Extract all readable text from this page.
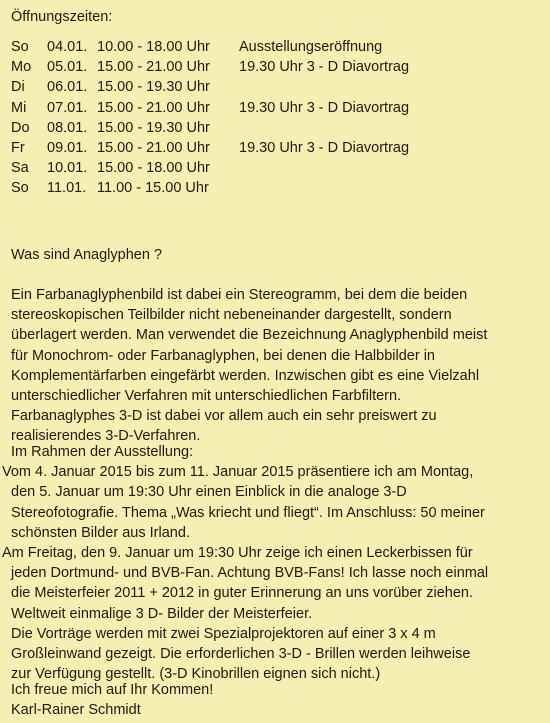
Öffnungszeiten:
So	04.01.	10.00 - 18.00 Uhr	Ausstellungseröffnung
Mo	05.01.	15.00 - 21.00 Uhr	19.30 Uhr 3 - D Diavortrag
Di	06.01.	15.00 - 19.30 Uhr	
Mi	07.01.	15.00 - 21.00 Uhr	19.30 Uhr 3 - D Diavortrag
Do	08.01.	15.00 - 19.30 Uhr	
Fr	09.01.	15.00 - 21.00 Uhr	19.30 Uhr 3 - D Diavortrag
Sa	10.01.	15.00 - 18.00 Uhr	
So	11.01.	11.00 - 15.00 Uhr	
Was sind Anaglyphen ?
Ein Farbanaglyphenbild ist dabei ein Stereogramm, bei dem die beiden
stereoskopischen Teilbilder nicht nebeneinander dargestellt, sondern
überlagert werden. Man verwendet die Bezeichnung Anaglyphenbild meist
für Monochrom- oder Farbanaglyphen, bei denen die Halbbilder in
Komplementärfarben eingefärbt werden. Inzwischen gibt es eine Vielzahl
unterschiedlicher Verfahren mit unterschiedlichen Farbfiltern.
Farbanaglyphes 3-D ist dabei vor allem auch ein sehr preiswert zu
realisierendes 3-D-Verfahren.
Im Rahmen der Ausstellung:
Vom 4. Januar 2015 bis zum 11. Januar 2015 präsentiere ich am Montag,
den 5. Januar um 19:30 Uhr einen Einblick in die analoge 3-D
Stereofotografie. Thema „Was kriecht und fliegt“. Im Anschluss: 50 meiner
schönsten Bilder aus Irland.
Am Freitag, den 9. Januar um 19:30 Uhr zeige ich einen Leckerbissen für
jeden Dortmund- und BVB-Fan. Achtung BVB-Fans! Ich lasse noch einmal
die Meisterfeier 2011 + 2012 in guter Erinnerung an uns vorüber ziehen.
Weltweit einmalige 3 D- Bilder der Meisterfeier.
Die Vorträge werden mit zwei Spezialprojektoren auf einer 3 x 4 m
Großleinwand gezeigt. Die erforderlichen 3-D - Brillen werden leihweise
zur Verfügung gestellt. (3-D Kinobrillen eignen sich nicht.)
Ich freue mich auf Ihr Kommen!
Karl-Rainer Schmidt
